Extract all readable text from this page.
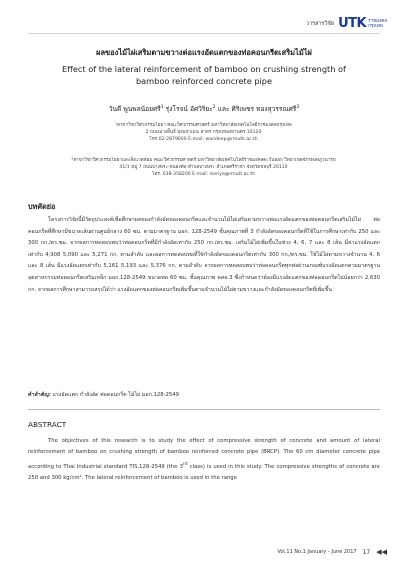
วารสารวิจัย UTK ราชมงคล
กรุงเทพ
ผลของไม้ไผ่เสริมตามขวางต่อแรงอัดแตกของท่อคอนกรีตเสริมไม้ไผ่
Effect of the lateral reinforcement of bamboo on crushing strength of
bamboo reinforced concrete pipe
วันดี พูนพลน้อยศรี$^1$ รุ่งโรจน์ อัศวิริยะ$^2$ และ ศิริเพชร ทองสุวรรณศรี$^3$
¹สาขาวิชาวิศวกรรมโยธา คณะวิศวกรรมศาสตร์ มหาวิทยาลัยเทคโนโลยีราชมงคลกรุงเทพ
2 ถนนนางลิ้นจี่ ทุ่งมหาเมฆ สาทร กรุงเทพมหานคร 10120
โทร.02-2879600 E-mail: wandeep@rmutk.ac.th
²สาขาวิชาวิศวกรรมโยธาและสิ่งแวดล้อม คณะวิศวกรรมศาสตร์ มหาวิทยาลัยเทคโนโลยีราชมงคลตะวันออก วิทยาเขตจักรพงษภูวนารถ
41/1 หมู่ 7 ถนนบางพระ-หนองค้อ ตำบลบางพระ อำเภอศรีราชา จังหวัดชลบุรี 20110
โทร. 038-358200 E-mail: isoriya@rmutt.ac.th
บทคัดย่อ
โครงการวิจัยนี้มีวัตถุประสงค์เพื่อศึกษาผลของกำลังอัดของคอนกรีตและจำนวนไม้ไผ่เสริมตามขวางต่อแรงอัดแตกของท่อคอนกรีตเสริมไม้ไผ่ ท่อคอนกรีตที่ศึกษามีขนาดเส้นผ่านศูนย์กลาง 60 ซม. ตามมาตรฐาน มอก. 128-2549 ชั้นคุณภาพที่ 3 กำลังอัดของคอนกรีตที่ใช้ในการศึกษาเท่ากับ 250 และ 300 กก./ตร.ซม. จากผลการทดสอบพบว่าท่อคอนกรีตที่มีกำลังอัดเท่ากับ 250 กก./ตร.ซม. เสริมไม้ไผ่เพิ่มขึ้นในช่วง 4, 6, 7 และ 8 เส้น มีค่าแรงอัดแตกเท่ากับ 4,908 5,090 และ 5,271 กก. ตามลำดับ และผลการทดสอบท่อที่ใช้กำลังอัดของคอนกรีตเท่ากับ 300 กก./ตร.ซม. ใช้ไม้ไผ่ตามขวางจำนวน 4, 6 และ 8 เส้น มีแรงอัดแตกเท่ากับ 5,161 5,193 และ 5,376 กก. ตามลำดับ จากผลการทดสอบพบว่าท่อคอนกรีตทุกท่อผ่านเกณฑ์แรงอัดแตกตามมาตรฐานอุตสาหกรรมท่อคอนกรีตเสริมเหล็ก มอก.128-2549 ขนาดท่อ 60 ซม. ชั้นคุณภาพ คสล.3 ซึ่งกำหนดว่าต้องมีแรงอัดแตกของท่อคอนกรีตไม่น้อยกว่า 2,630 กก. จากผลการศึกษาสามารถสรุปได้ว่า แรงอัดแตกของท่อคอนกรีตเพิ่มขึ้นตามจำนวนไม้ไผ่ตามขวางและกำลังอัดของคอนกรีตที่เพิ่มขึ้น
คำสำคัญ: แรงอัดแตก กำลังอัด ท่อคอนกรีต ไม้ไผ่ มอก.128-2549
ABSTRACT
The objectives of this research is to study the effect of compressive strength of concrete and amount of lateral reinforcement of bamboo on crushing strength of bamboo reinforced concrete pipe (BRCP). The 60 cm diameter concrete pipe according to Thai Industrial standard TIS.128-2549 (the 3rd class) is used in this study. The compressive strengths of concrete are 250 and 300 kg/cm². The lateral reinforcement of bamboo is used in the range
Vol.11 No.1 January - June 2017 17 ◀◀
